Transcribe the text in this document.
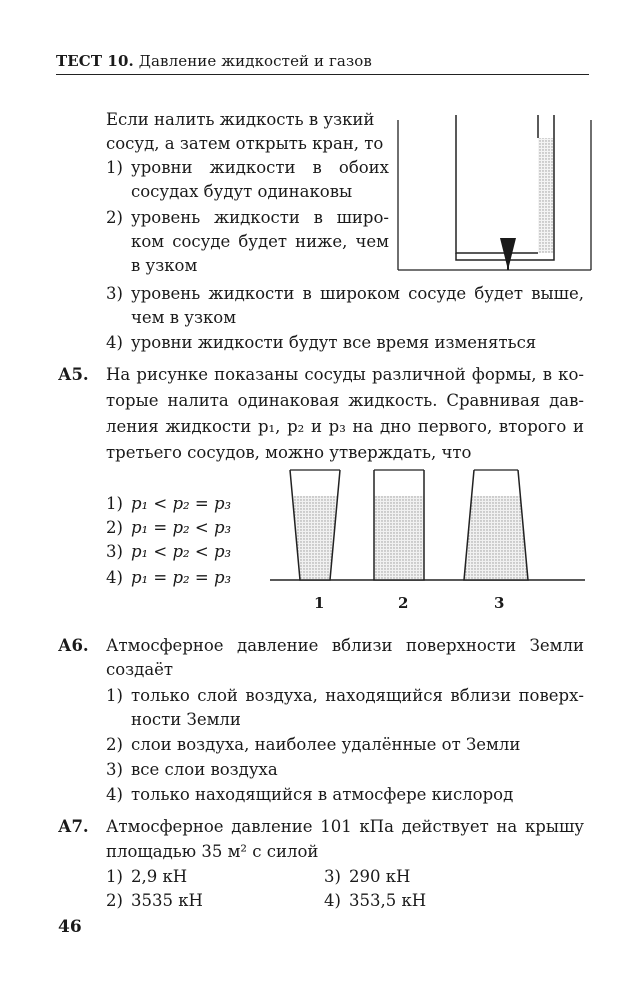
ТЕСТ 10. Давление жидкостей и газов
Если налить жидкость в узкий
сосуд, а затем открыть кран, то
1) уровни жидкости в обоих
сосудах будут одинаковы
2) уровень жидкости в широ-
ком сосуде будет ниже, чем
в узком
3) уровень жидкости в широком сосуде будет выше,
чем в узком
4) уровни жидкости будут все время изменяться
А5. На рисунке показаны сосуды различной формы, в ко-
торые налита одинаковая жидкость. Сравнивая дав-
ления жидкости p₁, p₂ и p₃ на дно первого, второго и
третьего сосудов, можно утверждать, что
1) p₁ < p₂ = p₃
2) p₁ = p₂ < p₃
3) p₁ < p₂ < p₃
4) p₁ = p₂ = p₃
1	2	3
А6. Атмосферное давление вблизи поверхности Земли
создаёт
1) только слой воздуха, находящийся вблизи поверх-
ности Земли
2) слои воздуха, наиболее удалённые от Земли
3) все слои воздуха
4) только находящийся в атмосфере кислород
А7. Атмосферное давление 101 кПа действует на крышу
площадью 35 м² с силой
1) 2,9 кН	3) 290 кН
2) 3535 кН	4) 353,5 кН
46
